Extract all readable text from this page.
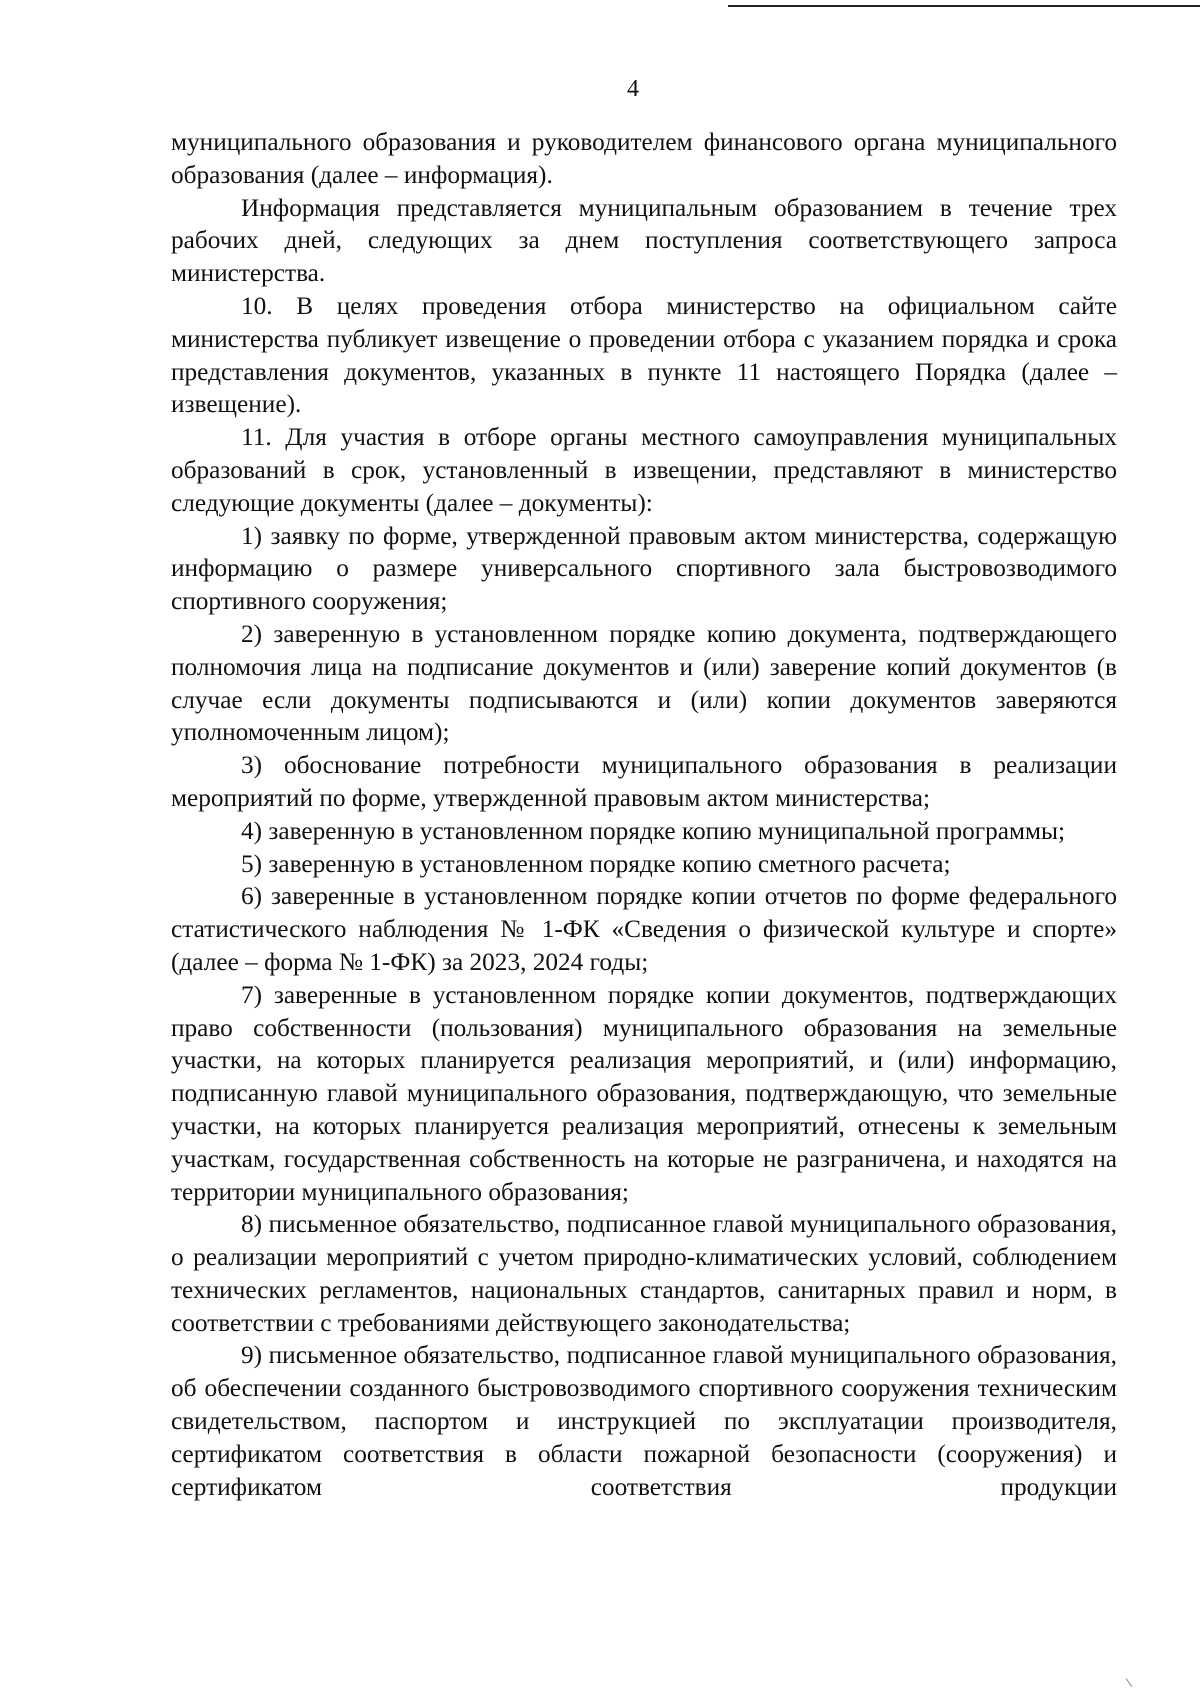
4

муниципального образования и руководителем финансового органа муниципального образования (далее – информация).

Информация представляется муниципальным образованием в течение трех рабочих дней, следующих за днем поступления соответствующего запроса министерства.

10. В целях проведения отбора министерство на официальном сайте министерства публикует извещение о проведении отбора с указанием порядка и срока представления документов, указанных в пункте 11 настоящего Порядка (далее – извещение).

11. Для участия в отборе органы местного самоуправления муниципальных образований в срок, установленный в извещении, представляют в министерство следующие документы (далее – документы):

1) заявку по форме, утвержденной правовым актом министерства, содержащую информацию о размере универсального спортивного зала быстровозводимого спортивного сооружения;

2) заверенную в установленном порядке копию документа, подтверждающего полномочия лица на подписание документов и (или) заверение копий документов (в случае если документы подписываются и (или) копии документов заверяются уполномоченным лицом);

3) обоснование потребности муниципального образования в реализации мероприятий по форме, утвержденной правовым актом министерства;

4) заверенную в установленном порядке копию муниципальной программы;

5) заверенную в установленном порядке копию сметного расчета;

6) заверенные в установленном порядке копии отчетов по форме федерального статистического наблюдения № 1-ФК «Сведения о физической культуре и спорте» (далее – форма № 1-ФК) за 2023, 2024 годы;

7) заверенные в установленном порядке копии документов, подтверждающих право собственности (пользования) муниципального образования на земельные участки, на которых планируется реализация мероприятий, и (или) информацию, подписанную главой муниципального образования, подтверждающую, что земельные участки, на которых планируется реализация мероприятий, отнесены к земельным участкам, государственная собственность на которые не разграничена, и находятся на территории муниципального образования;

8) письменное обязательство, подписанное главой муниципального образования, о реализации мероприятий с учетом природно-климатических условий, соблюдением технических регламентов, национальных стандартов, санитарных правил и норм, в соответствии с требованиями действующего законодательства;

9) письменное обязательство, подписанное главой муниципального образования, об обеспечении созданного быстровозводимого спортивного сооружения техническим свидетельством, паспортом и инструкцией по эксплуатации производителя, сертификатом соответствия в области пожарной безопасности (сооружения) и сертификатом соответствия продукции
